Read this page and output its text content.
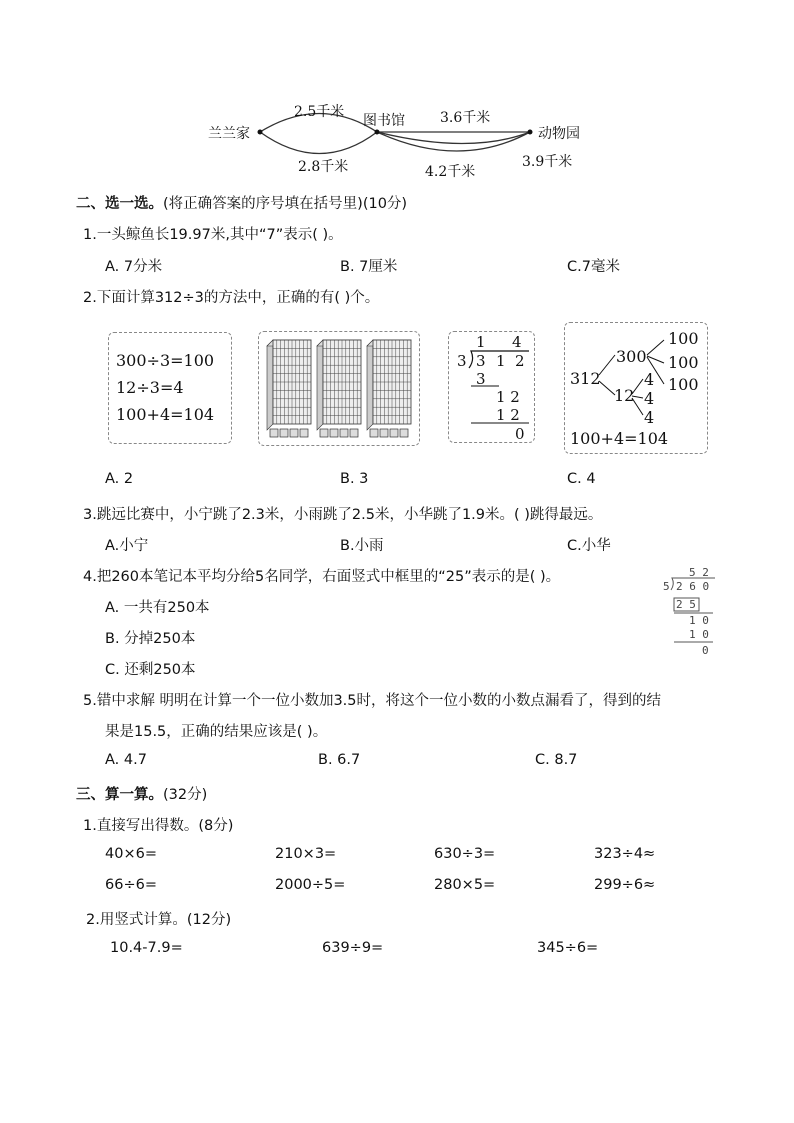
兰兰家
图书馆
动物园
2.5千米
2.8千米
3.6千米
4.2千米
3.9千米
二、选一选。(将正确答案的序号填在括号里)(10分)
1.一头鲸鱼长19.97米,其中“7”表示( )。
A. 7分米	B. 7厘米	C.7毫米
2.下面计算312÷3的方法中，正确的有( )个。
300÷3=100
12÷3=4
100+4=104
1 4
3 3 1 2
3
1 2
1 2
0
312
300
12
100
100
100
4
4
4
100+4=104
A. 2	B. 3	C. 4
3.跳远比赛中，小宁跳了2.3米，小雨跳了2.5米，小华跳了1.9米。( )跳得最远。
A.小宁	B.小雨	C.小华
4.把260本笔记本平均分给5名同学，右面竖式中框里的“25”表示的是( )。
A. 一共有250本
B. 分掉250本
C. 还剩250本
5 2
5 2 6 0
2 5
1 0
1 0
0
5.错中求解 明明在计算一个一位小数加3.5时，将这个一位小数的小数点漏看了，得到的结
果是15.5，正确的结果应该是( )。
A. 4.7	B. 6.7	C. 8.7
三、算一算。(32分)
1.直接写出得数。(8分)
40×6=	210×3=	630÷3=	323÷4≈
66÷6=	2000÷5=	280×5=	299÷6≈
2.用竖式计算。(12分)
10.4-7.9=	639÷9=	345÷6=
